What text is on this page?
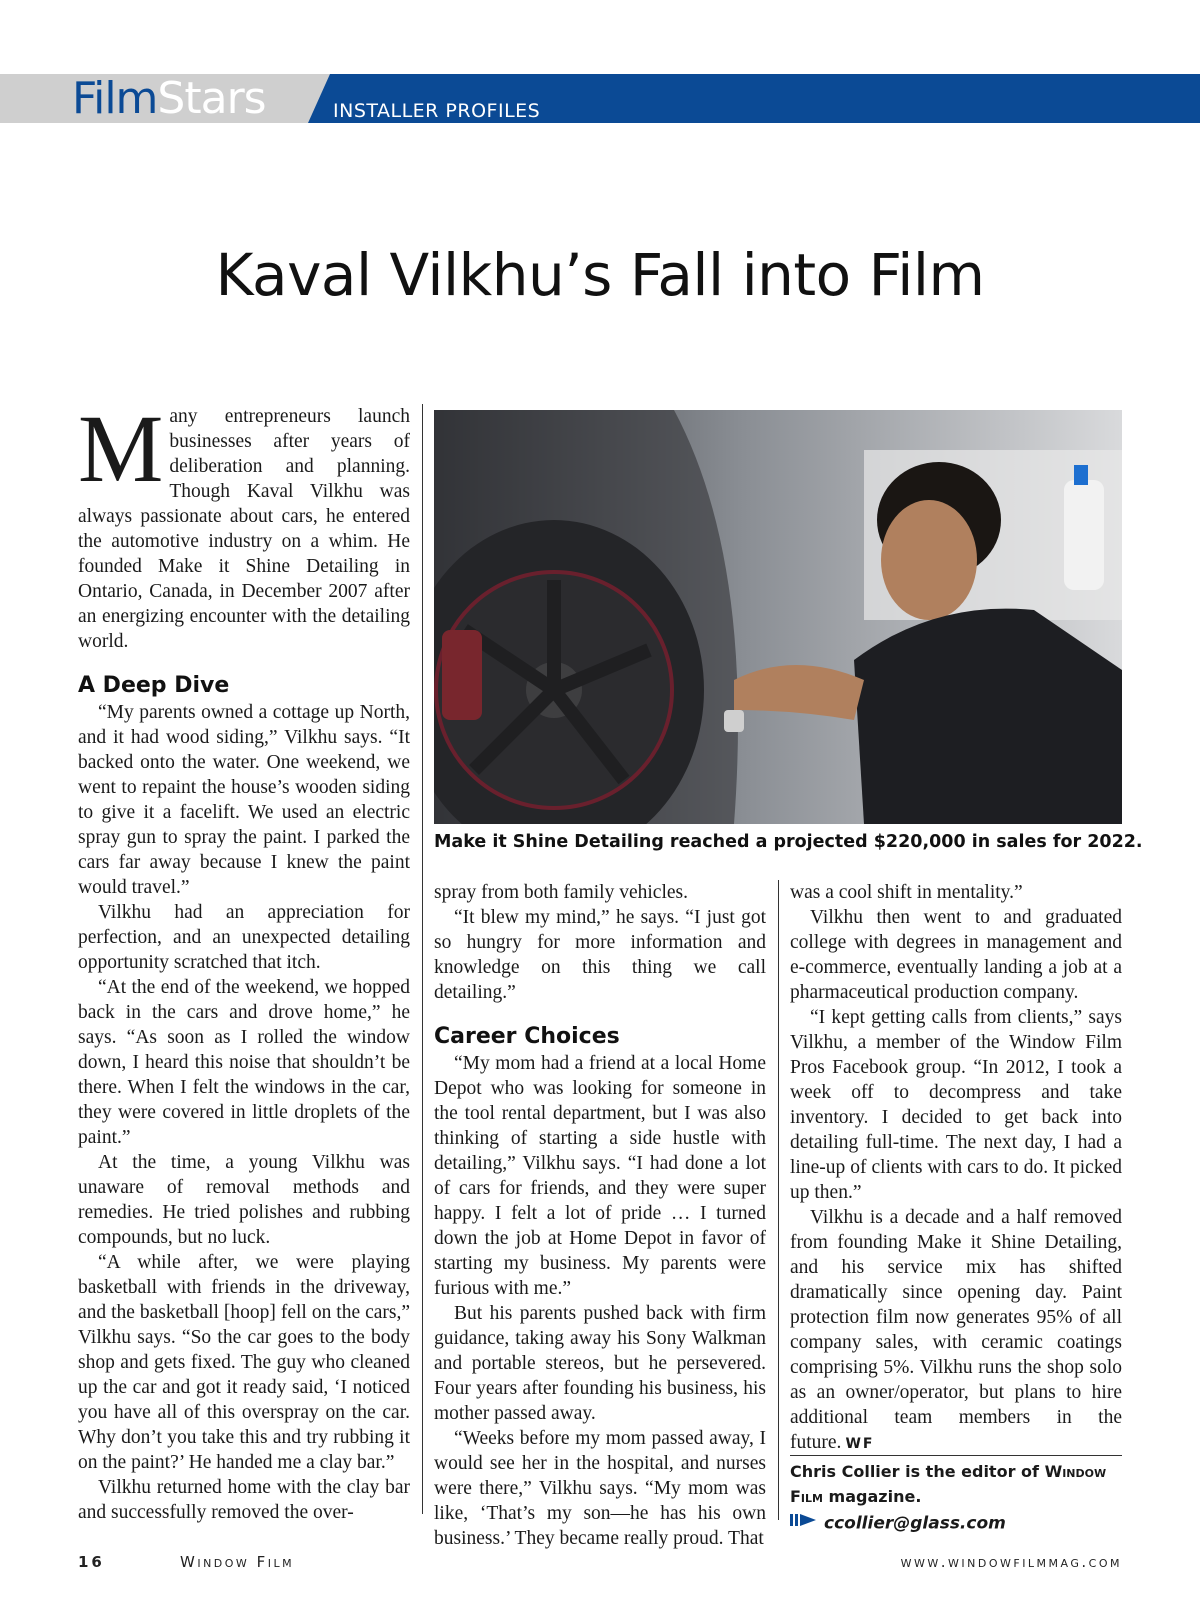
FilmStars	INSTALLER PROFILES
Kaval Vilkhu’s Fall into Film

Many entrepreneurs launch businesses after years of deliberation and planning. Though Kaval Vilkhu was always passionate about cars, he entered the automotive industry on a whim. He founded Make it Shine Detailing in Ontario, Canada, in December 2007 after an energizing encounter with the detailing world.

A Deep Dive

“My parents owned a cottage up North, and it had wood siding,” Vilkhu says. “It backed onto the water. One weekend, we went to repaint the house’s wooden siding to give it a facelift. We used an electric spray gun to spray the paint. I parked the cars far away because I knew the paint would travel.”

Vilkhu had an appreciation for perfection, and an unexpected detailing opportunity scratched that itch.

“At the end of the weekend, we hopped back in the cars and drove home,” he says. “As soon as I rolled the window down, I heard this noise that shouldn’t be there. When I felt the windows in the car, they were covered in little droplets of the paint.”

At the time, a young Vilkhu was unaware of removal methods and remedies. He tried polishes and rubbing compounds, but no luck.

“A while after, we were playing basketball with friends in the driveway, and the basketball [hoop] fell on the cars,” Vilkhu says. “So the car goes to the body shop and gets fixed. The guy who cleaned up the car and got it ready said, ‘I noticed you have all of this overspray on the car. Why don’t you take this and try rubbing it on the paint?’ He handed me a clay bar.”

Vilkhu returned home with the clay bar and successfully removed the over-

Make it Shine Detailing reached a projected $220,000 in sales for 2022.

spray from both family vehicles.

“It blew my mind,” he says. “I just got so hungry for more information and knowledge on this thing we call detailing.”

Career Choices

“My mom had a friend at a local Home Depot who was looking for someone in the tool rental department, but I was also thinking of starting a side hustle with detailing,” Vilkhu says. “I had done a lot of cars for friends, and they were super happy. I felt a lot of pride … I turned down the job at Home Depot in favor of starting my business. My parents were furious with me.”

But his parents pushed back with firm guidance, taking away his Sony Walkman and portable stereos, but he persevered. Four years after founding his business, his mother passed away.

“Weeks before my mom passed away, I would see her in the hospital, and nurses were there,” Vilkhu says. “My mom was like, ‘That’s my son—he has his own business.’ They became really proud. That

was a cool shift in mentality.”

Vilkhu then went to and graduated college with degrees in management and e-commerce, eventually landing a job at a pharmaceutical production company.

“I kept getting calls from clients,” says Vilkhu, a member of the Window Film Pros Facebook group. “In 2012, I took a week off to decompress and take inventory. I decided to get back into detailing full-time. The next day, I had a line-up of clients with cars to do. It picked up then.”

Vilkhu is a decade and a half removed from founding Make it Shine Detailing, and his service mix has shifted dramatically since opening day. Paint protection film now generates 95% of all company sales, with ceramic coatings comprising 5%. Vilkhu runs the shop solo as an owner/operator, but plans to hire additional team members in the future. WF

Chris Collier is the editor of Window Film magazine.
ccollier@glass.com
16	Window Film	www.windowfilmmag.com
